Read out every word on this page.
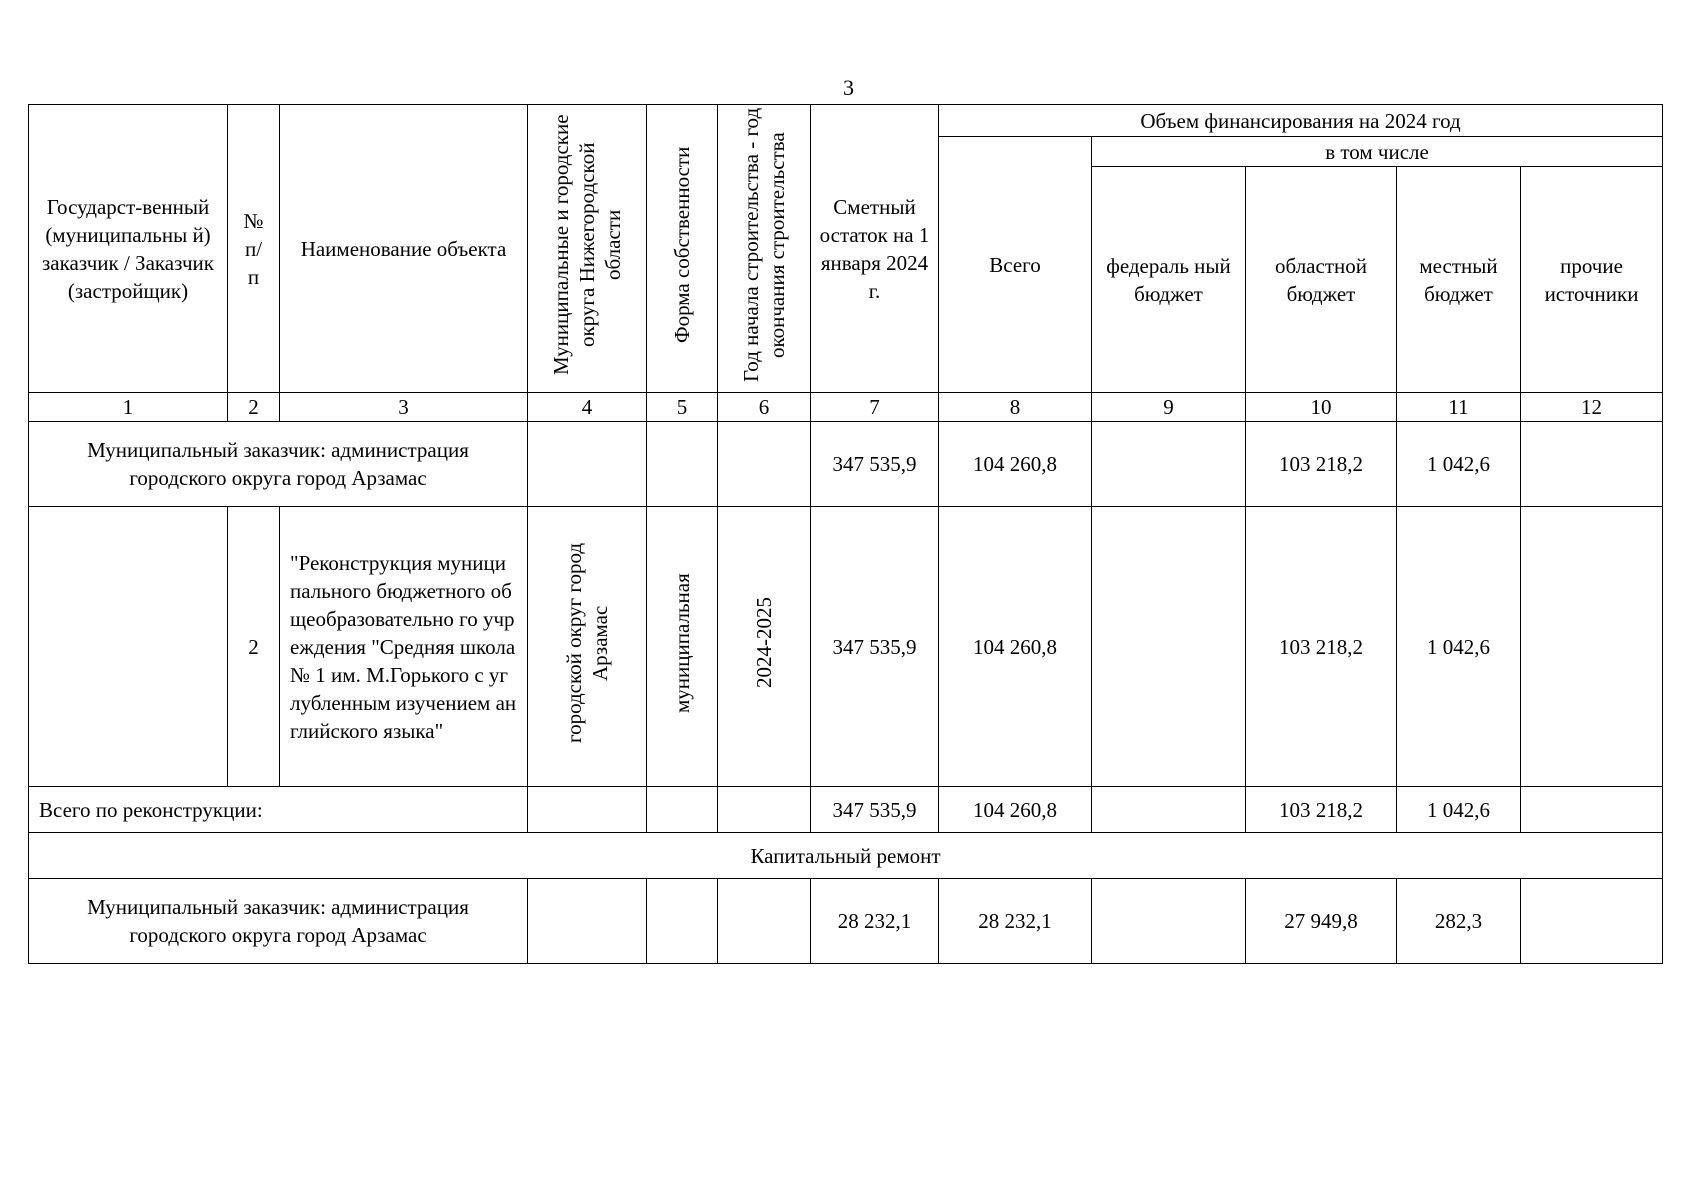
3
Государст-венный (муниципальны й) заказчик / Заказчик (застройщик)	№ п/ п	Наименование объекта	Муниципальные и городские округа Нижегородской области	Форма собственности	Год начала строительства - год окончания строительства	Сметный остаток на 1 января 2024 г.	Объем финансирования на 2024 год				
							Всего	в том числе			
								федераль ный бюджет	областной бюджет	местный бюджет	прочие источники
1	2	3	4	5	6	7	8	9	10	11	12
Муниципальный заказчик: администрация городского округа город Арзамас						347 535,9	104 260,8		103 218,2	1 042,6	
	2	"Реконструкция муниципального бюджетного общеобразовательно го учреждения "Средняя школа № 1 им. М.Горького с углубленным изучением английского языка"	городской округ город Арзамас	муниципальная	2024-2025	347 535,9	104 260,8		103 218,2	1 042,6	
Всего по реконструкции:						347 535,9	104 260,8		103 218,2	1 042,6	
Капитальный ремонт											
Муниципальный заказчик: администрация городского округа город Арзамас						28 232,1	28 232,1		27 949,8	282,3	
